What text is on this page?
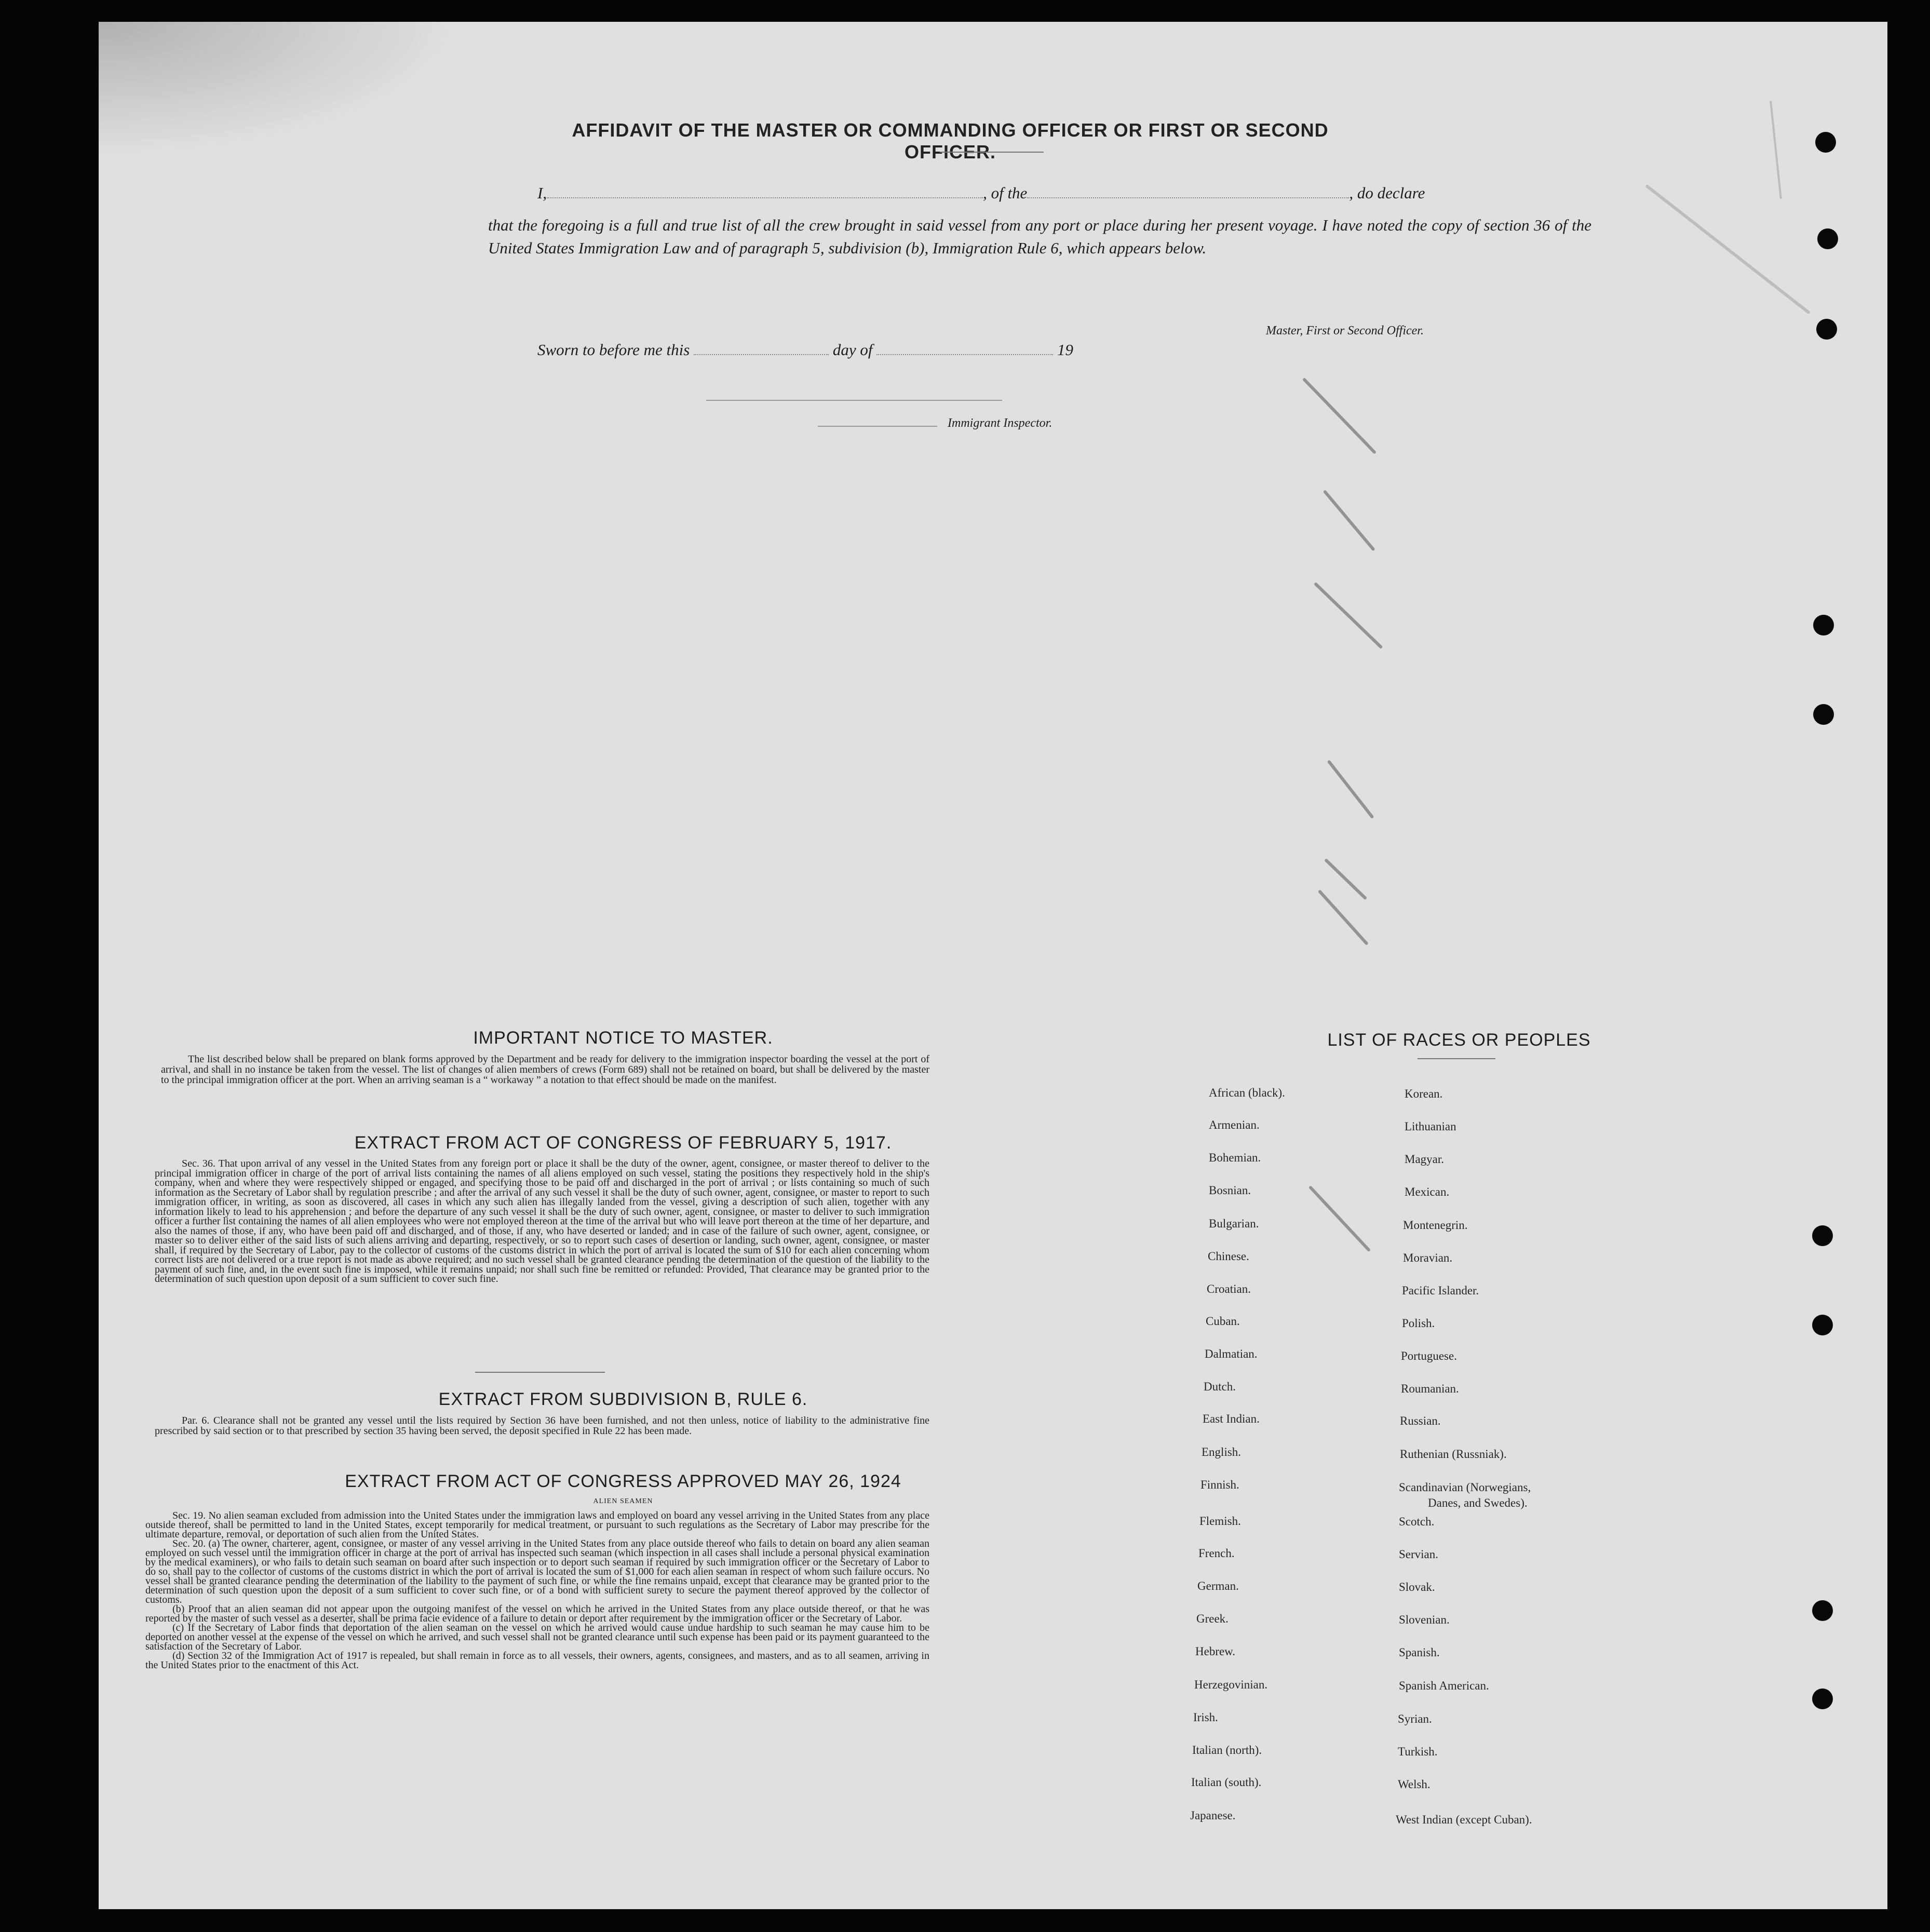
AFFIDAVIT OF THE MASTER OR COMMANDING OFFICER OR FIRST OR SECOND OFFICER.
I,	, of the	, do declare
that the foregoing is a full and true list of all the crew brought in said vessel from any port or place during her present voyage. I have noted the copy of section 36 of the United States Immigration Law and of paragraph 5, subdivision (b), Immigration Rule 6, which appears below.
Master, First or Second Officer.
Sworn to before me this	day of	19
Immigrant Inspector.
IMPORTANT NOTICE TO MASTER.
The list described below shall be prepared on blank forms approved by the Department and be ready for delivery to the immigration inspector boarding the vessel at the port of arrival, and shall in no instance be taken from the vessel. The list of changes of alien members of crews (Form 689) shall not be retained on board, but shall be delivered by the master to the principal immigration officer at the port. When an arriving seaman is a “ workaway ” a notation to that effect should be made on the manifest.
EXTRACT FROM ACT OF CONGRESS OF FEBRUARY 5, 1917.
Sec. 36. That upon arrival of any vessel in the United States from any foreign port or place it shall be the duty of the owner, agent, consignee, or master thereof to deliver to the principal immigration officer in charge of the port of arrival lists containing the names of all aliens employed on such vessel, stating the positions they respectively hold in the ship's company, when and where they were respectively shipped or engaged, and specifying those to be paid off and discharged in the port of arrival ; or lists containing so much of such information as the Secretary of Labor shall by regulation prescribe ; and after the arrival of any such vessel it shall be the duty of such owner, agent, consignee, or master to report to such immigration officer, in writing, as soon as discovered, all cases in which any such alien has illegally landed from the vessel, giving a description of such alien, together with any information likely to lead to his apprehension ; and before the departure of any such vessel it shall be the duty of such owner, agent, consignee, or master to deliver to such immigration officer a further list containing the names of all alien employees who were not employed thereon at the time of the arrival but who will leave port thereon at the time of her departure, and also the names of those, if any, who have been paid off and discharged, and of those, if any, who have deserted or landed; and in case of the failure of such owner, agent, consignee, or master so to deliver either of the said lists of such aliens arriving and departing, respectively, or so to report such cases of desertion or landing, such owner, agent, consignee, or master shall, if required by the Secretary of Labor, pay to the collector of customs of the customs district in which the port of arrival is located the sum of $10 for each alien concerning whom correct lists are not delivered or a true report is not made as above required; and no such vessel shall be granted clearance pending the determination of the question of the liability to the payment of such fine, and, in the event such fine is imposed, while it remains unpaid; nor shall such fine be remitted or refunded: Provided, That clearance may be granted prior to the determination of such question upon deposit of a sum sufficient to cover such fine.
EXTRACT FROM SUBDIVISION B, RULE 6.
Par. 6. Clearance shall not be granted any vessel until the lists required by Section 36 have been furnished, and not then unless, notice of liability to the administrative fine prescribed by said section or to that prescribed by section 35 having been served, the deposit specified in Rule 22 has been made.
EXTRACT FROM ACT OF CONGRESS APPROVED MAY 26, 1924
ALIEN SEAMEN
Sec. 19. No alien seaman excluded from admission into the United States under the immigration laws and employed on board any vessel arriving in the United States from any place outside thereof, shall be permitted to land in the United States, except temporarily for medical treatment, or pursuant to such regulations as the Secretary of Labor may prescribe for the ultimate departure, removal, or deportation of such alien from the United States.
Sec. 20. (a) The owner, charterer, agent, consignee, or master of any vessel arriving in the United States from any place outside thereof who fails to detain on board any alien seaman employed on such vessel until the immigration officer in charge at the port of arrival has inspected such seaman (which inspection in all cases shall include a personal physical examination by the medical examiners), or who fails to detain such seaman on board after such inspection or to deport such seaman if required by such immigration officer or the Secretary of Labor to do so, shall pay to the collector of customs of the customs district in which the port of arrival is located the sum of $1,000 for each alien seaman in respect of whom such failure occurs. No vessel shall be granted clearance pending the determination of the liability to the payment of such fine, or while the fine remains unpaid, except that clearance may be granted prior to the determination of such question upon the deposit of a sum sufficient to cover such fine, or of a bond with sufficient surety to secure the payment thereof approved by the collector of customs.
(b) Proof that an alien seaman did not appear upon the outgoing manifest of the vessel on which he arrived in the United States from any place outside thereof, or that he was reported by the master of such vessel as a deserter, shall be prima facie evidence of a failure to detain or deport after requirement by the immigration officer or the Secretary of Labor.
(c) If the Secretary of Labor finds that deportation of the alien seaman on the vessel on which he arrived would cause undue hardship to such seaman he may cause him to be deported on another vessel at the expense of the vessel on which he arrived, and such vessel shall not be granted clearance until such expense has been paid or its payment guaranteed to the satisfaction of the Secretary of Labor.
(d) Section 32 of the Immigration Act of 1917 is repealed, but shall remain in force as to all vessels, their owners, agents, consignees, and masters, and as to all seamen, arriving in the United States prior to the enactment of this Act.
LIST OF RACES OR PEOPLES
African (black).
Armenian.
Bohemian.
Bosnian.
Bulgarian.
Chinese.
Croatian.
Cuban.
Dalmatian.
Dutch.
East Indian.
English.
Finnish.
Flemish.
French.
German.
Greek.
Hebrew.
Herzegovinian.
Irish.
Italian (north).
Italian (south).
Japanese.
Korean.
Lithuanian
Magyar.
Mexican.
Montenegrin.
Moravian.
Pacific Islander.
Polish.
Portuguese.
Roumanian.
Russian.
Ruthenian (Russniak).
Scandinavian (Norwegians,
Danes, and Swedes).
Scotch.
Servian.
Slovak.
Slovenian.
Spanish.
Spanish American.
Syrian.
Turkish.
Welsh.
West Indian (except Cuban).
